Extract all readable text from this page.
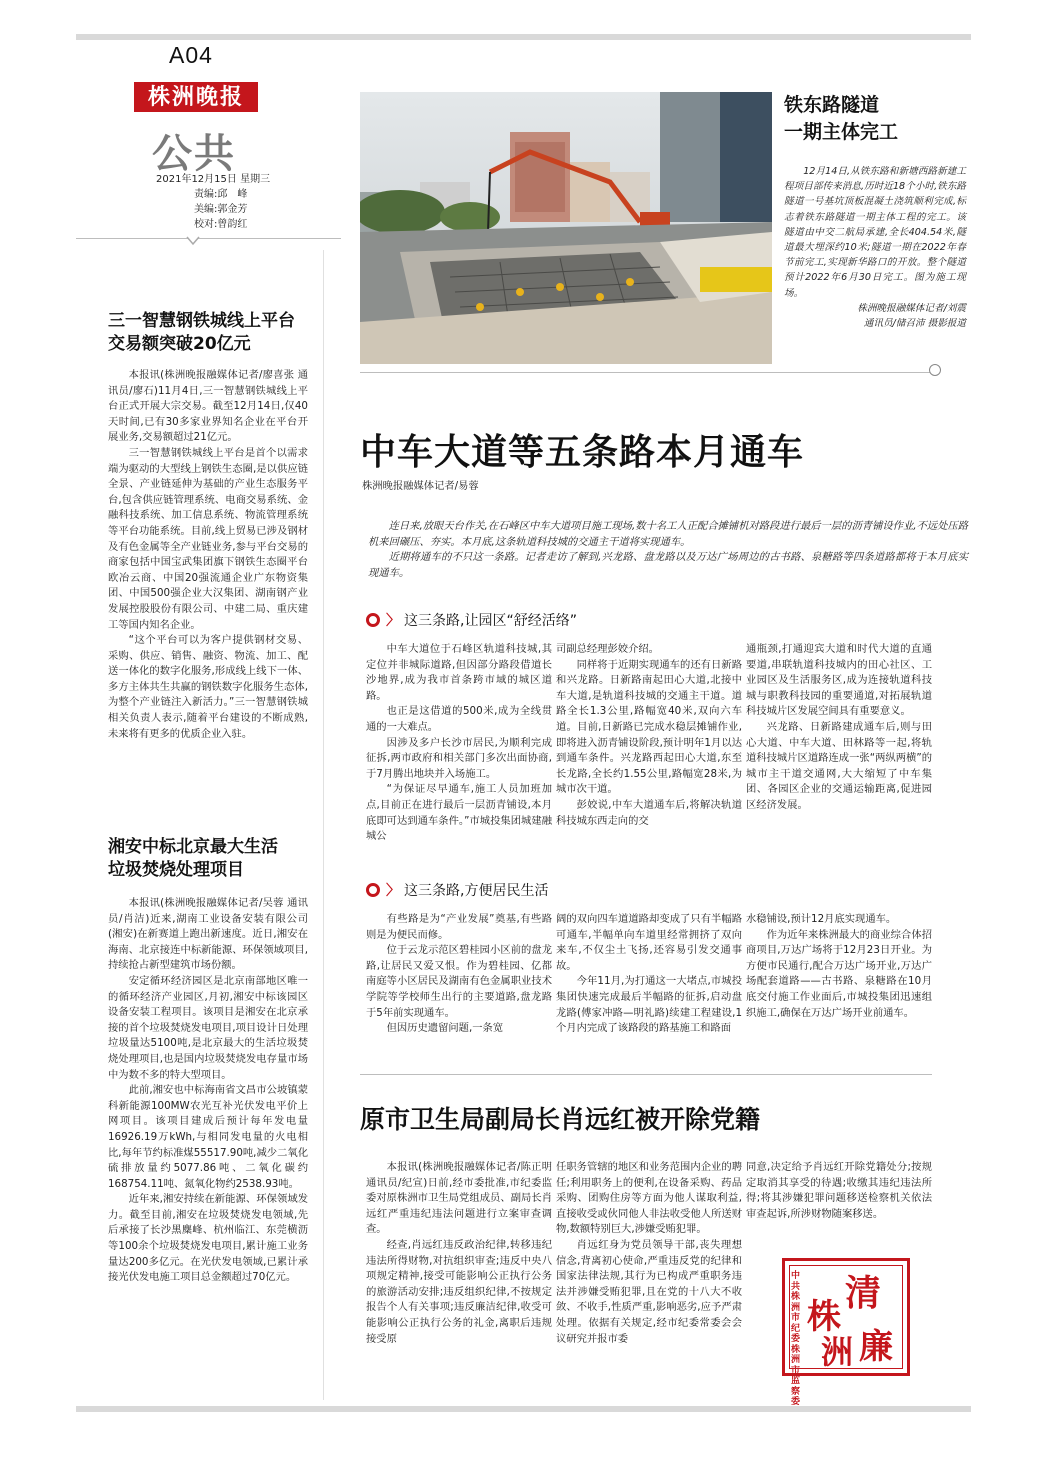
A04
株洲晚报
公共
2021年12月15日 星期三
责编:邱　峰
美编:郭金芳
校对:曾韵红
三一智慧钢铁城线上平台
交易额突破20亿元

本报讯(株洲晚报融媒体记者/廖喜张 通讯员/廖石)11月4日,三一智慧钢铁城线上平台正式开展大宗交易。截至12月14日,仅40天时间,已有30多家业界知名企业在平台开展业务,交易额超过21亿元。

三一智慧钢铁城线上平台是首个以需求端为驱动的大型线上钢铁生态圈,是以供应链全景、产业链延伸为基础的产业生态服务平台,包含供应链管理系统、电商交易系统、金融科技系统、加工信息系统、物流管理系统等平台功能系统。目前,线上贸易已涉及钢材及有色金属等全产业链业务,参与平台交易的商家包括中国宝武集团旗下钢铁生态圈平台欧冶云商、中国20强流通企业广东物资集团、中国500强企业大汉集团、湖南钢产业发展控股股份有限公司、中建二局、重庆建工等国内知名企业。

“这个平台可以为客户提供钢材交易、采购、供应、销售、融资、物流、加工、配送一体化的数字化服务,形成线上线下一体、多方主体共生共赢的钢铁数字化服务生态体,为整个产业链注入新活力。”三一智慧钢铁城相关负责人表示,随着平台建设的不断成熟,未来将有更多的优质企业入驻。

湘安中标北京最大生活
垃圾焚烧处理项目

本报讯(株洲晚报融媒体记者/吴蓉 通讯员/肖洁)近来,湖南工业设备安装有限公司(湘安)在新赛道上跑出新速度。近日,湘安在海南、北京接连中标新能源、环保领域项目,持续抢占新型建筑市场份额。

安定循环经济园区是北京南部地区唯一的循环经济产业园区,月初,湘安中标该园区设备安装工程项目。该项目是湘安在北京承接的首个垃圾焚烧发电项目,项目设计日处理垃圾量达5100吨,是北京最大的生活垃圾焚烧处理项目,也是国内垃圾焚烧发电存量市场中为数不多的特大型项目。

此前,湘安也中标海南省文昌市公坡镇蒙科新能源100MW农光互补光伏发电平价上网项目。该项目建成后预计每年发电量16926.19万kWh,与相同发电量的火电相比,每年节约标准煤55517.90吨,减少二氧化硫排放量约5077.86吨、二氧化碳约168754.11吨、氮氧化物约2538.93吨。

近年来,湘安持续在新能源、环保领域发力。截至目前,湘安在垃圾焚烧发电领域,先后承接了长沙黑麋峰、杭州临江、东莞横沥等100余个垃圾焚烧发电项目,累计施工业务量达200多亿元。在光伏发电领域,已累计承接光伏发电施工项目总金额超过70亿元。

铁东路隧道
一期主体完工

12月14日,从铁东路和新塘西路新建工程项目部传来消息,历时近18个小时,铁东路隧道一号基坑顶板混凝土浇筑顺利完成,标志着铁东路隧道一期主体工程的完工。该隧道由中交二航局承建,全长404.54米,隧道最大埋深约10米;隧道一期在2022年春节前完工,实现新华路口的开放。整个隧道预计2022年6月30日完工。图为施工现场。

株洲晚报融媒体记者/刘震
通讯员/储召沛 摄影报道
中车大道等五条路本月通车
株洲晚报融媒体记者/易蓉

连日来,放眼天台作关,在石峰区中车大道项目施工现场,数十名工人正配合摊铺机对路段进行最后一层的沥青铺设作业,不远处压路机来回碾压、夯实。本月底,这条轨道科技城的交通主干道将实现通车。

近期将通车的不只这一条路。记者走访了解到,兴龙路、盘龙路以及万达广场周边的古书路、泉糖路等四条道路都将于本月底实现通车。

〉 这三条路,让园区“舒经活络”

中车大道位于石峰区轨道科技城,其定位并非城际道路,但因部分路段借道长沙地界,成为我市首条跨市域的城区道路。

也正是这借道的500米,成为全线贯通的一大难点。

因涉及多户长沙市居民,为顺利完成征拆,两市政府和相关部门多次出面协商,于7月腾出地块并入场施工。

“为保证尽早通车,施工人员加班加点,目前正在进行最后一层沥青铺设,本月底即可达到通车条件。”市城投集团城建融城公

司副总经理彭姣介绍。

同样将于近期实现通车的还有日新路和兴龙路。日新路南起田心大道,北接中车大道,是轨道科技城的交通主干道。道路全长1.3公里,路幅宽40米,双向六车道。目前,日新路已完成水稳层摊铺作业,即将进入沥青铺设阶段,预计明年1月以达到通车条件。兴龙路西起田心大道,东至长龙路,全长约1.55公里,路幅宽28米,为城市次干道。

彭姣说,中车大道通车后,将解决轨道科技城东西走向的交

通瓶颈,打通迎宾大道和时代大道的直通要道,串联轨道科技城内的田心社区、工业园区及生活服务区,成为连接轨道科技城与职教科技园的重要通道,对拓展轨道科技城片区发展空间具有重要意义。

兴龙路、日新路建成通车后,则与田心大道、中车大道、田林路等一起,将轨道科技城片区道路连成一张“两纵两横”的城市主干道交通网,大大缩短了中车集团、各园区企业的交通运输距离,促进园区经济发展。

〉 这三条路,方便居民生活

有些路是为“产业发展”奠基,有些路则是为便民而修。

位于云龙示范区碧桂园小区前的盘龙路,让居民又爱又恨。作为碧桂园、亿都南庭等小区居民及湖南有色金属职业技术学院等学校师生出行的主要道路,盘龙路于5年前实现通车。

但因历史遗留问题,一条宽

阔的双向四车道道路却变成了只有半幅路可通车,半幅单向车道里经常拥挤了双向来车,不仅尘土飞扬,还容易引发交通事故。

今年11月,为打通这一大堵点,市城投集团快速完成最后半幅路的征拆,启动盘龙路(傅家冲路—明礼路)续建工程建设,1个月内完成了该路段的路基施工和路面

水稳铺设,预计12月底实现通车。

作为近年来株洲最大的商业综合体招商项目,万达广场将于12月23日开业。为方便市民通行,配合万达广场开业,万达广场配套道路——古书路、泉糖路在10月底交付施工作业面后,市城投集团迅速组织施工,确保在万达广场开业前通车。

原市卫生局副局长肖远红被开除党籍

本报讯(株洲晚报融媒体记者/陈正明 通讯员/纪宣)日前,经市委批准,市纪委监委对原株洲市卫生局党组成员、副局长肖远红严重违纪违法问题进行立案审查调查。

经查,肖远红违反政治纪律,转移违纪违法所得财物,对抗组织审查;违反中央八项规定精神,接受可能影响公正执行公务的旅游活动安排;违反组织纪律,不按规定报告个人有关事项;违反廉洁纪律,收受可能影响公正执行公务的礼金,离职后违规接受原

任职务管辖的地区和业务范围内企业的聘任;利用职务上的便利,在设备采购、药品采购、团购住房等方面为他人谋取利益,直接收受或伙同他人非法收受他人所送财物,数额特别巨大,涉嫌受贿犯罪。

肖远红身为党员领导干部,丧失理想信念,背离初心使命,严重违反党的纪律和国家法律法规,其行为已构成严重职务违法并涉嫌受贿犯罪,且在党的十八大不收敛、不收手,性质严重,影响恶劣,应予严肃处理。依据有关规定,经市纪委常委会会议研究并报市委

同意,决定给予肖远红开除党籍处分;按规定取消其享受的待遇;收缴其违纪违法所得;将其涉嫌犯罪问题移送检察机关依法审查起诉,所涉财物随案移送。

中共株洲市纪委 株洲市监察委
清
株
洲 廉
